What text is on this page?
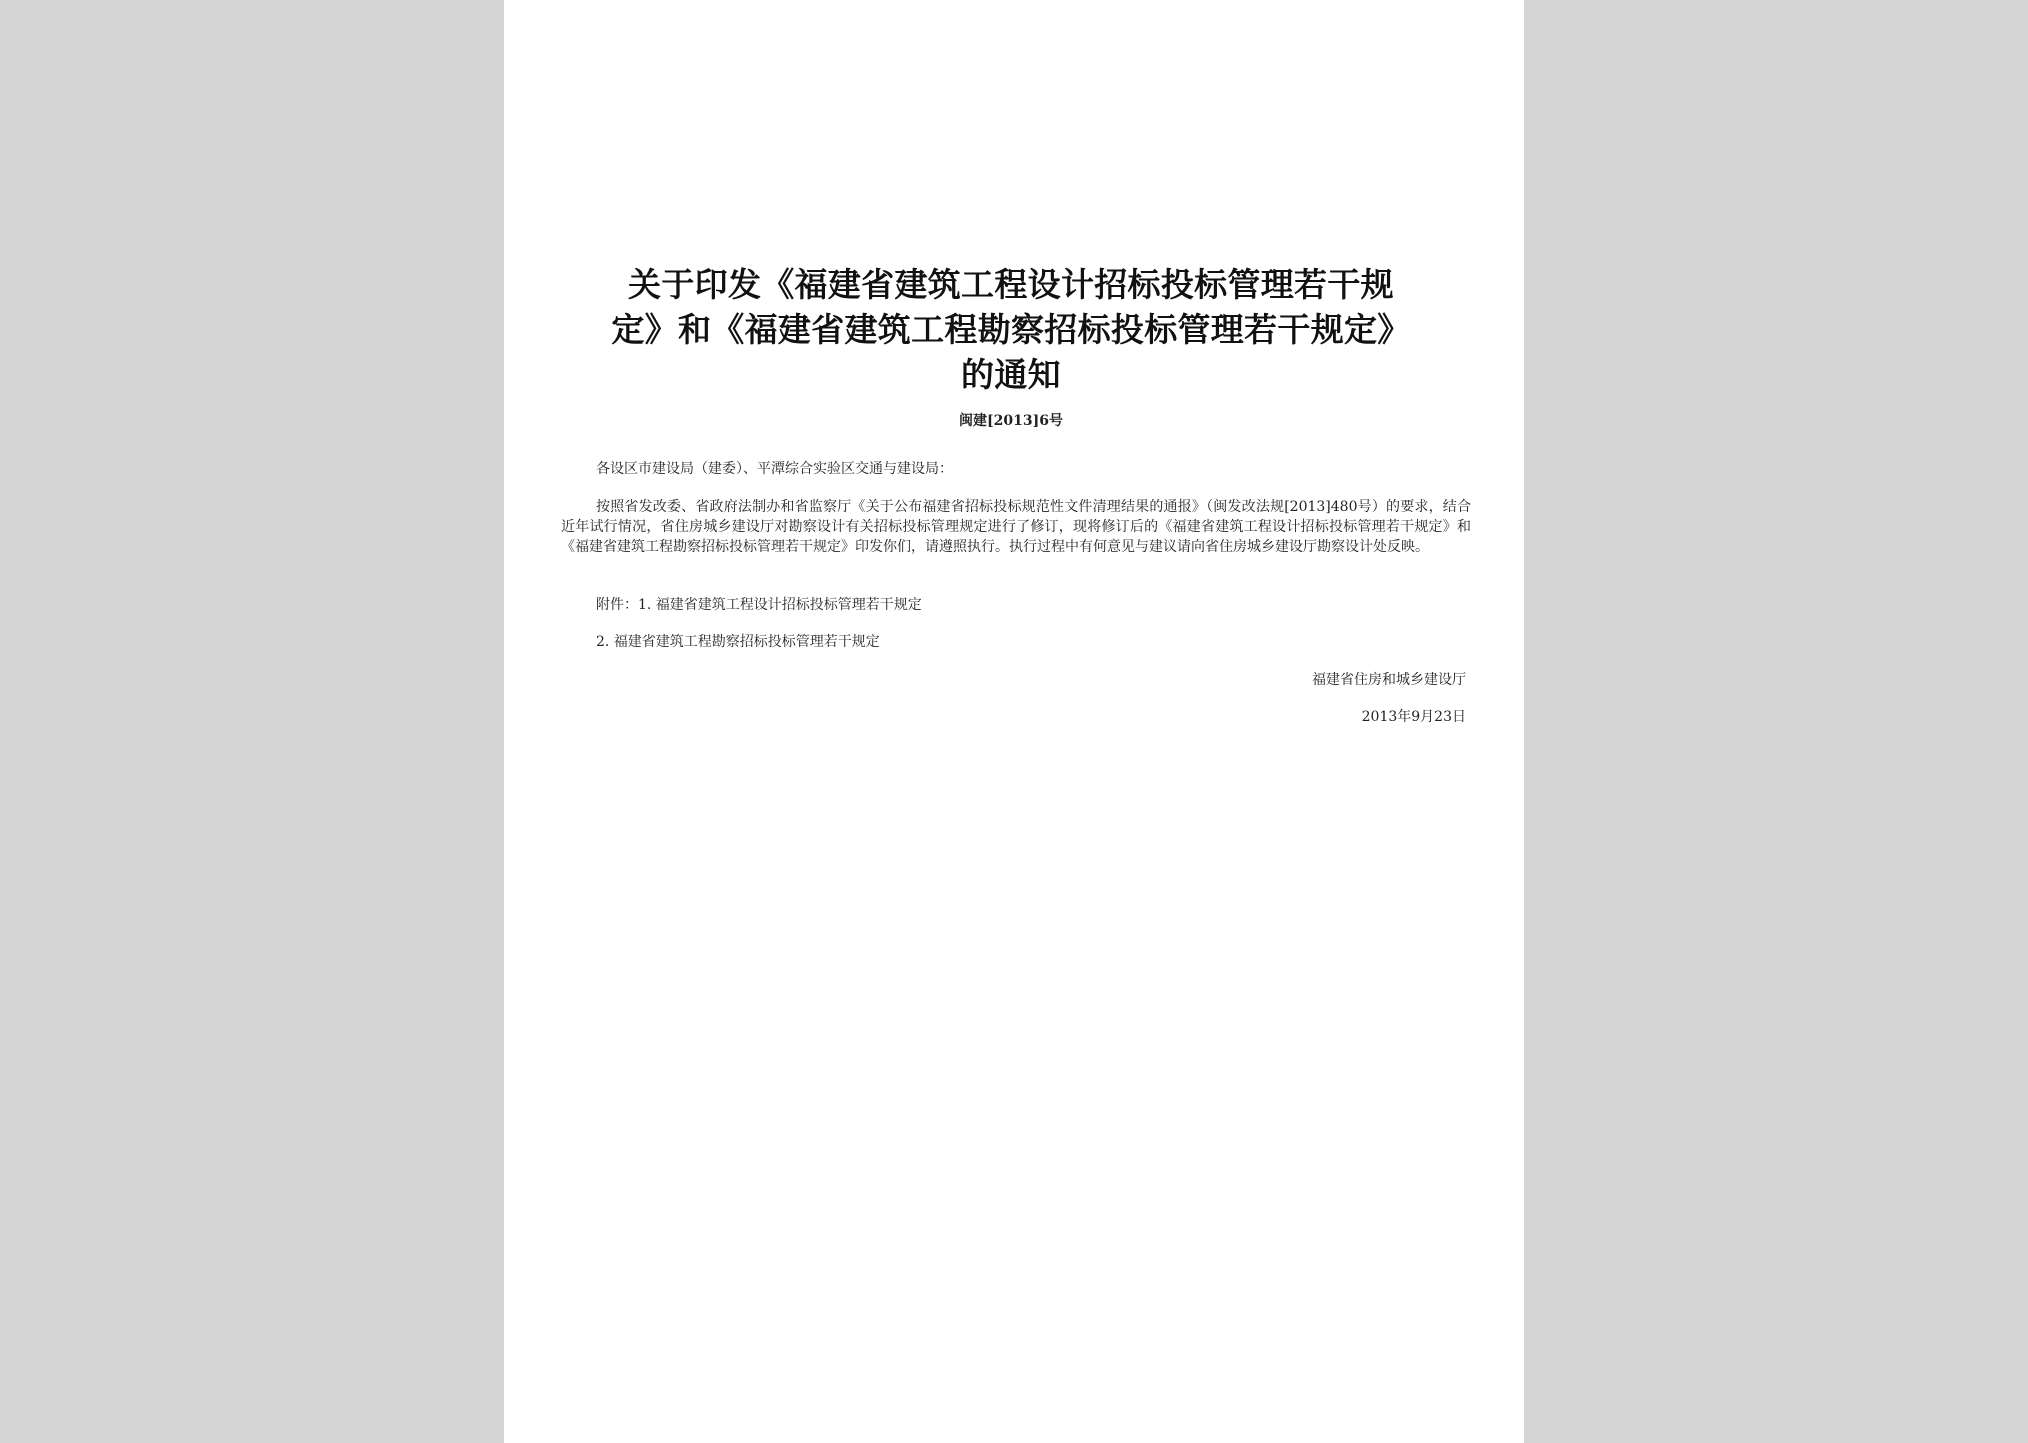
关于印发《福建省建筑工程设计招标投标管理若干规
定》和《福建省建筑工程勘察招标投标管理若干规定》
的通知
闽建[2013]6号
各设区市建设局（建委）、平潭综合实验区交通与建设局：
按照省发改委、省政府法制办和省监察厅《关于公布福建省招标投标规范性文件清理结果的通报》（闽发改法规[2013]480号）的要求，结合近年试行情况，省住房城乡建设厅对勘察设计有关招标投标管理规定进行了修订，现将修订后的《福建省建筑工程设计招标投标管理若干规定》和《福建省建筑工程勘察招标投标管理若干规定》印发你们，请遵照执行。执行过程中有何意见与建议请向省住房城乡建设厅勘察设计处反映。
附件：1. 福建省建筑工程设计招标投标管理若干规定
2. 福建省建筑工程勘察招标投标管理若干规定
福建省住房和城乡建设厅
2013年9月23日
